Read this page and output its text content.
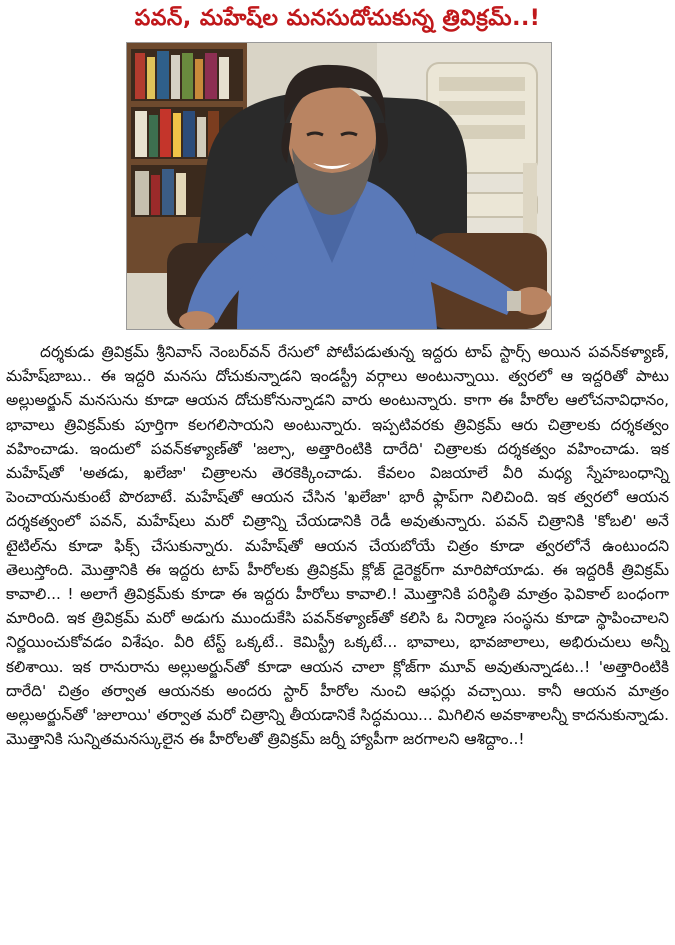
పవన్, మహేష్‌ల మనసుదోచుకున్న త్రివిక్రమ్..!

దర్శకుడు త్రివిక్రమ్ శ్రీనివాస్ నెంబర్‌వన్ రేసులో పోటీపడుతున్న ఇద్దరు టాప్ స్టార్స్ అయిన పవన్‌కళ్యాణ్, మహేష్‌బాబు.. ఈ ఇద్దరి మనసు దోచుకున్నాడని ఇండస్ట్రీ వర్గాలు అంటున్నాయి. త్వరలో ఆ ఇద్దరితో పాటు అల్లుఅర్జున్ మనసును కూడా ఆయన దోచుకోనున్నాడని వారు అంటున్నారు. కాగా ఈ హీరోల ఆలోచనావిధానం, భావాలు త్రివిక్రమ్‌కు పూర్తిగా కలగలిసాయని అంటున్నారు. ఇప్పటివరకు త్రివిక్రమ్ ఆరు చిత్రాలకు దర్శకత్వం వహించాడు. ఇందులో పవన్‌కళ్యాణ్‌తో 'జల్సా, అత్తారింటికి దారేది' చిత్రాలకు దర్శకత్వం వహించాడు. ఇక మహేష్‌తో 'అతడు, ఖలేజా' చిత్రాలను తెరకెక్కించాడు. కేవలం విజయాలే వీరి మధ్య స్నేహబంధాన్ని పెంచాయనుకుంటే పొరబాటే. మహేష్‌తో ఆయన చేసిన 'ఖలేజా' భారీ ఫ్లాప్‌గా నిలిచింది. ఇక త్వరలో ఆయన దర్శకత్వంలో పవన్, మహేష్‌లు మరో చిత్రాన్ని చేయడానికి రెడీ అవుతున్నారు. పవన్ చిత్రానికి 'కోబలి' అనే టైటిల్‌ను కూడా ఫిక్స్ చేసుకున్నారు. మహేష్‌తో ఆయన చేయబోయే చిత్రం కూడా త్వరలోనే ఉంటుందని తెలుస్తోంది. మొత్తానికి ఈ ఇద్దరు టాప్ హీరోలకు త్రివిక్రమ్ క్లోజ్ డైరెక్టర్‌గా మారిపోయాడు. ఈ ఇద్దరికీ త్రివిక్రమ్ కావాలి... ! అలాగే త్రివిక్రమ్‌కు కూడా ఈ ఇద్దరు హీరోలు కావాలి.! మొత్తానికి పరిస్థితి మాత్రం ఫెవికాల్ బంధంగా మారింది. ఇక త్రివిక్రమ్ మరో అడుగు ముందుకేసి పవన్‌కళ్యాణ్‌తో కలిసి ఓ నిర్మాణ సంస్థను కూడా స్థాపించాలని నిర్ణయించుకోవడం విశేషం. వీరి టేస్ట్ ఒక్కటే.. కెమిస్ట్రీ ఒక్కటే... భావాలు, భావజాలాలు, అభిరుచులు అన్నీ కలిశాయి. ఇక రానురాను అల్లుఅర్జున్‌తో కూడా ఆయన చాలా క్లోజ్‌గా మూవ్ అవుతున్నాడట..! 'అత్తారింటికి దారేది' చిత్రం తర్వాత ఆయనకు అందరు స్టార్ హీరోల నుంచి ఆఫర్లు వచ్చాయి. కానీ ఆయన మాత్రం అల్లుఅర్జున్‌తో 'జులాయి' తర్వాత మరో చిత్రాన్ని తీయడానికే సిద్ధమయి... మిగిలిన అవకాశాలన్నీ కాదనుకున్నాడు. మొత్తానికి సున్నితమనస్కులైన ఈ హీరోలతో త్రివిక్రమ్ జర్నీ హ్యాపీగా జరగాలని ఆశిద్దాం..!
